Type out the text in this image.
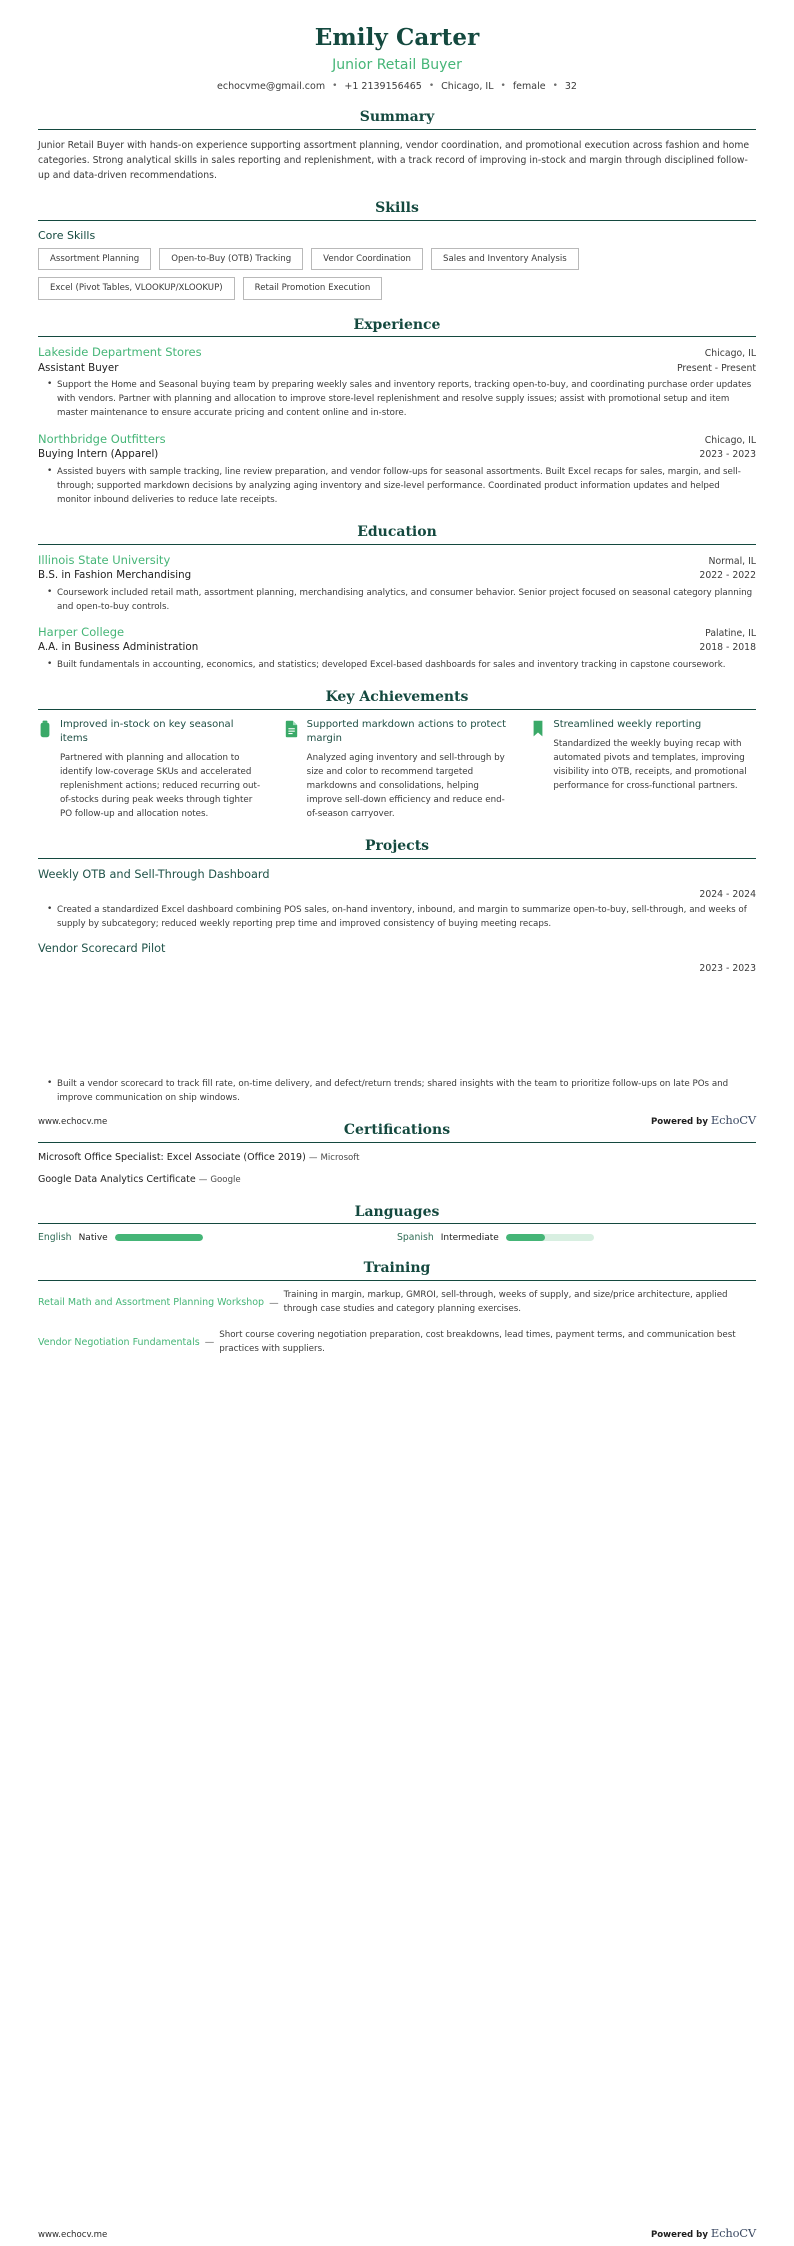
Emily Carter
Junior Retail Buyer
echocvme@gmail.com • +1 2139156465 • Chicago, IL • female • 32
Summary
Junior Retail Buyer with hands-on experience supporting assortment planning, vendor coordination, and promotional execution across fashion and home categories. Strong analytical skills in sales reporting and replenishment, with a track record of improving in-stock and margin through disciplined follow-up and data-driven recommendations.
Skills
Core Skills
Assortment Planning	Open-to-Buy (OTB) Tracking	Vendor Coordination	Sales and Inventory Analysis
Excel (Pivot Tables, VLOOKUP/XLOOKUP)	Retail Promotion Execution
Experience
Lakeside Department Stores	Chicago, IL
Assistant Buyer	Present - Present
• Support the Home and Seasonal buying team by preparing weekly sales and inventory reports, tracking open-to-buy, and coordinating purchase order updates with vendors. Partner with planning and allocation to improve store-level replenishment and resolve supply issues; assist with promotional setup and item master maintenance to ensure accurate pricing and content online and in-store.
Northbridge Outfitters	Chicago, IL
Buying Intern (Apparel)	2023 - 2023
• Assisted buyers with sample tracking, line review preparation, and vendor follow-ups for seasonal assortments. Built Excel recaps for sales, margin, and sell-through; supported markdown decisions by analyzing aging inventory and size-level performance. Coordinated product information updates and helped monitor inbound deliveries to reduce late receipts.
Education
Illinois State University	Normal, IL
B.S. in Fashion Merchandising	2022 - 2022
• Coursework included retail math, assortment planning, merchandising analytics, and consumer behavior. Senior project focused on seasonal category planning and open-to-buy controls.
Harper College	Palatine, IL
A.A. in Business Administration	2018 - 2018
• Built fundamentals in accounting, economics, and statistics; developed Excel-based dashboards for sales and inventory tracking in capstone coursework.
Key Achievements
Improved in-stock on key seasonal items
Partnered with planning and allocation to identify low-coverage SKUs and accelerated replenishment actions; reduced recurring out-of-stocks during peak weeks through tighter PO follow-up and allocation notes.
Supported markdown actions to protect margin
Analyzed aging inventory and sell-through by size and color to recommend targeted markdowns and consolidations, helping improve sell-down efficiency and reduce end-of-season carryover.
Streamlined weekly reporting
Standardized the weekly buying recap with automated pivots and templates, improving visibility into OTB, receipts, and promotional performance for cross-functional partners.
Projects
Weekly OTB and Sell-Through Dashboard
2024 - 2024
• Created a standardized Excel dashboard combining POS sales, on-hand inventory, inbound, and margin to summarize open-to-buy, sell-through, and weeks of supply by subcategory; reduced weekly reporting prep time and improved consistency of buying meeting recaps.
Vendor Scorecard Pilot
2023 - 2023
• Built a vendor scorecard to track fill rate, on-time delivery, and defect/return trends; shared insights with the team to prioritize follow-ups on late POs and improve communication on ship windows.
Certifications
Microsoft Office Specialist: Excel Associate (Office 2019) — Microsoft
Google Data Analytics Certificate — Google
Languages
English Native	Spanish Intermediate
Training
Retail Math and Assortment Planning Workshop —
Training in margin, markup, GMROI, sell-through, weeks of supply, and size/price architecture, applied through case studies and category planning exercises.
Vendor Negotiation Fundamentals —
Short course covering negotiation preparation, cost breakdowns, lead times, payment terms, and communication best practices with suppliers.
www.echocv.me	Powered by EchoCV
www.echocv.me	Powered by EchoCV
